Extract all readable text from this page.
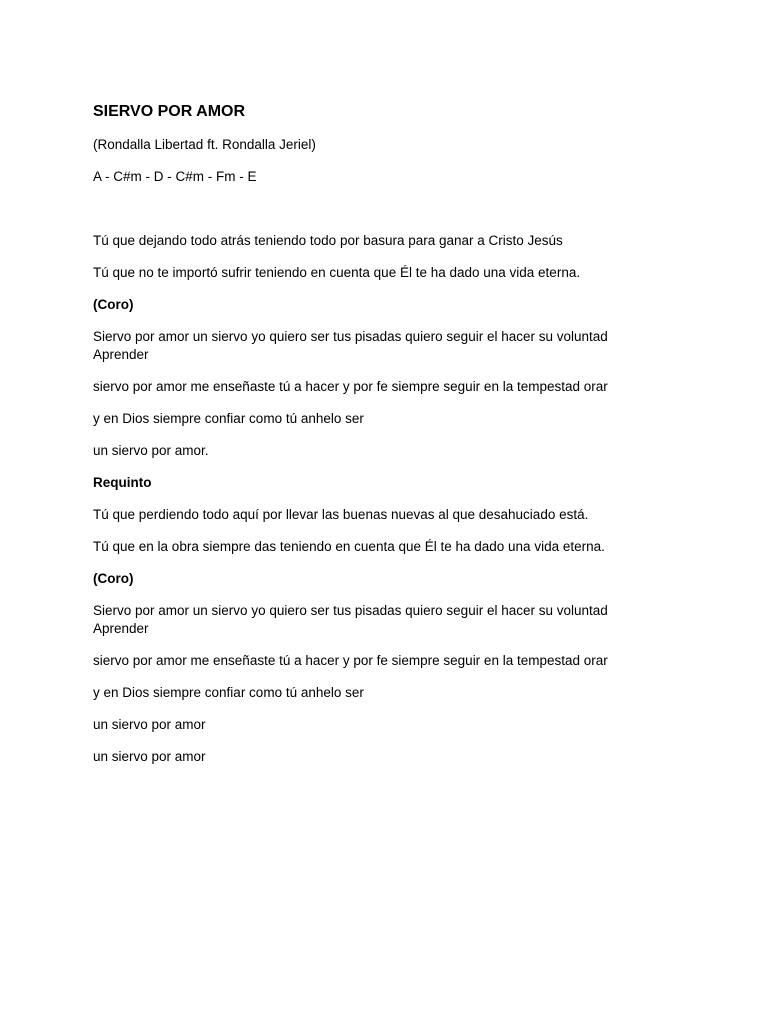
SIERVO POR AMOR
(Rondalla Libertad ft. Rondalla Jeriel)
A - C#m - D - C#m - Fm - E
Tú que dejando todo atrás teniendo todo por basura para ganar a Cristo Jesús
Tú que no te importó sufrir teniendo en cuenta que Él te ha dado una vida eterna.
(Coro)
Siervo por amor un siervo yo quiero ser tus pisadas quiero seguir el hacer su voluntad Aprender
siervo por amor me enseñaste tú a hacer y por fe siempre seguir en la tempestad orar
y en Dios siempre confiar como tú anhelo ser
un siervo por amor.
Requinto
Tú que perdiendo todo aquí por llevar las buenas nuevas al que desahuciado está.
Tú que en la obra siempre das teniendo en cuenta que Él te ha dado una vida eterna.
(Coro)
Siervo por amor un siervo yo quiero ser tus pisadas quiero seguir el hacer su voluntad Aprender
siervo por amor me enseñaste tú a hacer y por fe siempre seguir en la tempestad orar
y en Dios siempre confiar como tú anhelo ser
un siervo por amor
un siervo por amor
